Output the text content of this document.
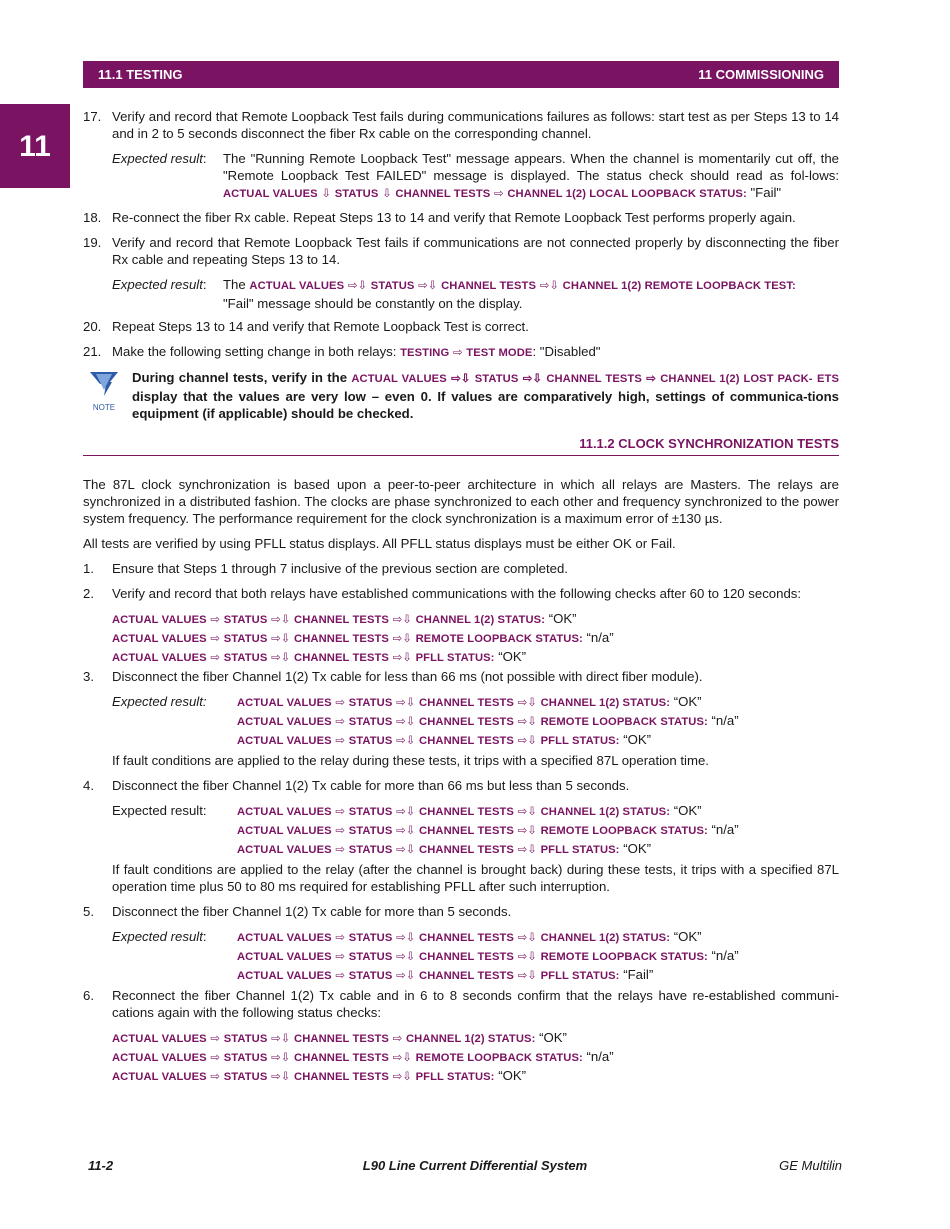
11.1 TESTING	11 COMMISSIONING
11
17. Verify and record that Remote Loopback Test fails during communications failures as follows: start test as per Steps 13 to 14 and in 2 to 5 seconds disconnect the fiber Rx cable on the corresponding channel.
Expected result: The "Running Remote Loopback Test" message appears. When the channel is momentarily cut off, the "Remote Loopback Test FAILED" message is displayed. The status check should read as fol-lows: ACTUAL VALUES ⇩ STATUS ⇩ CHANNEL TESTS ⇨ CHANNEL 1(2) LOCAL LOOPBACK STATUS: "Fail"
18. Re-connect the fiber Rx cable. Repeat Steps 13 to 14 and verify that Remote Loopback Test performs properly again.
19. Verify and record that Remote Loopback Test fails if communications are not connected properly by disconnecting the fiber Rx cable and repeating Steps 13 to 14.
Expected result: The ACTUAL VALUES ⇨⇩ STATUS ⇨⇩ CHANNEL TESTS ⇨⇩ CHANNEL 1(2) REMOTE LOOPBACK TEST:
"Fail" message should be constantly on the display.
20. Repeat Steps 13 to 14 and verify that Remote Loopback Test is correct.
21. Make the following setting change in both relays: TESTING ⇨ TEST MODE: "Disabled"
NOTE
During channel tests, verify in the ACTUAL VALUES ⇨⇩ STATUS ⇨⇩ CHANNEL TESTS ⇨ CHANNEL 1(2) LOST PACK- ETS display that the values are very low – even 0. If values are comparatively high, settings of communica-tions equipment (if applicable) should be checked.
11.1.2 CLOCK SYNCHRONIZATION TESTS
The 87L clock synchronization is based upon a peer-to-peer architecture in which all relays are Masters. The relays are synchronized in a distributed fashion. The clocks are phase synchronized to each other and frequency synchronized to the power system frequency. The performance requirement for the clock synchronization is a maximum error of ±130 µs.
All tests are verified by using PFLL status displays. All PFLL status displays must be either OK or Fail.
1.	Ensure that Steps 1 through 7 inclusive of the previous section are completed.
2.	Verify and record that both relays have established communications with the following checks after 60 to 120 seconds:
ACTUAL VALUES ⇨ STATUS ⇨⇩ CHANNEL TESTS ⇨⇩ CHANNEL 1(2) STATUS: “OK”
ACTUAL VALUES ⇨ STATUS ⇨⇩ CHANNEL TESTS ⇨⇩ REMOTE LOOPBACK STATUS: “n/a”
ACTUAL VALUES ⇨ STATUS ⇨⇩ CHANNEL TESTS ⇨⇩ PFLL STATUS: “OK”
3.	Disconnect the fiber Channel 1(2) Tx cable for less than 66 ms (not possible with direct fiber module).
Expected result:	ACTUAL VALUES ⇨ STATUS ⇨⇩ CHANNEL TESTS ⇨⇩ CHANNEL 1(2) STATUS: “OK”
ACTUAL VALUES ⇨ STATUS ⇨⇩ CHANNEL TESTS ⇨⇩ REMOTE LOOPBACK STATUS: “n/a”
ACTUAL VALUES ⇨ STATUS ⇨⇩ CHANNEL TESTS ⇨⇩ PFLL STATUS: “OK”
If fault conditions are applied to the relay during these tests, it trips with a specified 87L operation time.
4.	Disconnect the fiber Channel 1(2) Tx cable for more than 66 ms but less than 5 seconds.
Expected result:	ACTUAL VALUES ⇨ STATUS ⇨⇩ CHANNEL TESTS ⇨⇩ CHANNEL 1(2) STATUS: “OK”
ACTUAL VALUES ⇨ STATUS ⇨⇩ CHANNEL TESTS ⇨⇩ REMOTE LOOPBACK STATUS: “n/a”
ACTUAL VALUES ⇨ STATUS ⇨⇩ CHANNEL TESTS ⇨⇩ PFLL STATUS: “OK”
If fault conditions are applied to the relay (after the channel is brought back) during these tests, it trips with a specified 87L operation time plus 50 to 80 ms required for establishing PFLL after such interruption.
5.	Disconnect the fiber Channel 1(2) Tx cable for more than 5 seconds.
Expected result:	ACTUAL VALUES ⇨ STATUS ⇨⇩ CHANNEL TESTS ⇨⇩ CHANNEL 1(2) STATUS: “OK”
ACTUAL VALUES ⇨ STATUS ⇨⇩ CHANNEL TESTS ⇨⇩ REMOTE LOOPBACK STATUS: “n/a”
ACTUAL VALUES ⇨ STATUS ⇨⇩ CHANNEL TESTS ⇨⇩ PFLL STATUS: “Fail”
6.	Reconnect the fiber Channel 1(2) Tx cable and in 6 to 8 seconds confirm that the relays have re-established communi-cations again with the following status checks:
ACTUAL VALUES ⇨ STATUS ⇨⇩ CHANNEL TESTS ⇨ CHANNEL 1(2) STATUS: “OK”
ACTUAL VALUES ⇨ STATUS ⇨⇩ CHANNEL TESTS ⇨⇩ REMOTE LOOPBACK STATUS: “n/a”
ACTUAL VALUES ⇨ STATUS ⇨⇩ CHANNEL TESTS ⇨⇩ PFLL STATUS: “OK”
11-2	L90 Line Current Differential System	GE Multilin
